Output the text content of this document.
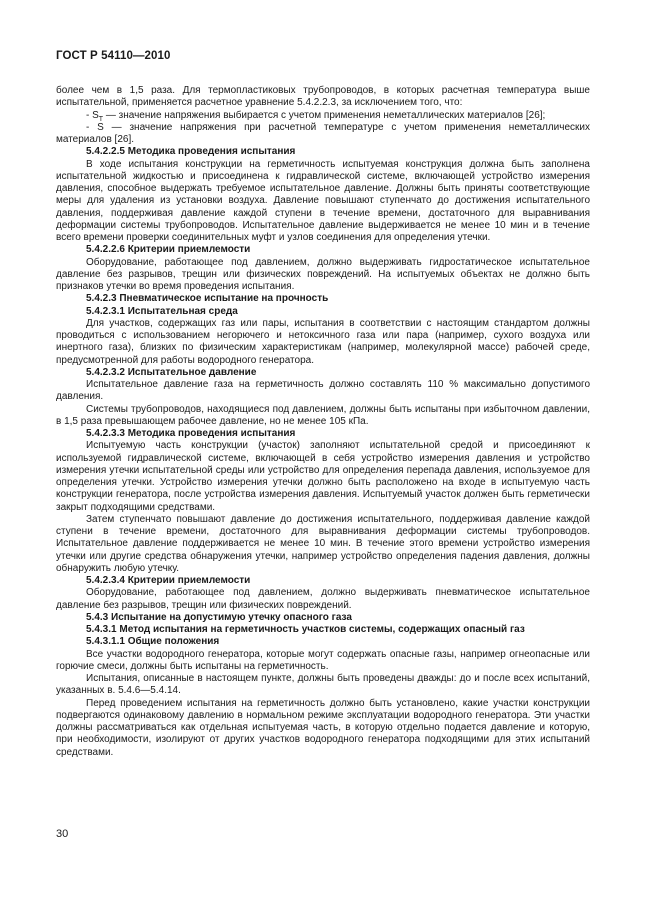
ГОСТ Р 54110—2010

более чем в 1,5 раза. Для термопластиковых трубопроводов, в которых расчетная температура выше испытательной, применяется расчетное уравнение 5.4.2.2.3, за исключением того, что:

- $S_T$ — значение напряжения выбирается с учетом применения неметаллических материалов [26];

- S — значение напряжения при расчетной температуре с учетом применения неметаллических материалов [26].

5.4.2.2.5 Методика проведения испытания

В ходе испытания конструкции на герметичность испытуемая конструкция должна быть заполнена испытательной жидкостью и присоединена к гидравлической системе, включающей устройство измерения давления, способное выдержать требуемое испытательное давление. Должны быть приняты соответствующие меры для удаления из установки воздуха. Давление повышают ступенчато до достижения испытательного давления, поддерживая давление каждой ступени в течение времени, достаточного для выравнивания деформации системы трубопроводов. Испытательное давление выдерживается не менее 10 мин и в течение всего времени проверки соединительных муфт и узлов соединения для определения утечки.

5.4.2.2.6 Критерии приемлемости

Оборудование, работающее под давлением, должно выдерживать гидростатическое испытательное давление без разрывов, трещин или физических повреждений. На испытуемых объектах не должно быть признаков утечки во время проведения испытания.

5.4.2.3 Пневматическое испытание на прочность

5.4.2.3.1 Испытательная среда

Для участков, содержащих газ или пары, испытания в соответствии с настоящим стандартом должны проводиться с использованием негорючего и нетоксичного газа или пара (например, сухого воздуха или инертного газа), близких по физическим характеристикам (например, молекулярной массе) рабочей среде, предусмотренной для работы водородного генератора.

5.4.2.3.2 Испытательное давление

Испытательное давление газа на герметичность должно составлять 110 % максимально допустимого давления.

Системы трубопроводов, находящиеся под давлением, должны быть испытаны при избыточном давлении, в 1,5 раза превышающем рабочее давление, но не менее 105 кПа.

5.4.2.3.3 Методика проведения испытания

Испытуемую часть конструкции (участок) заполняют испытательной средой и присоединяют к используемой гидравлической системе, включающей в себя устройство измерения давления и устройство измерения утечки испытательной среды или устройство для определения перепада давления, используемое для определения утечки. Устройство измерения утечки должно быть расположено на входе в испытуемую часть конструкции генератора, после устройства измерения давления. Испытуемый участок должен быть герметически закрыт подходящими средствами.

Затем ступенчато повышают давление до достижения испытательного, поддерживая давление каждой ступени в течение времени, достаточного для выравнивания деформации системы трубопроводов. Испытательное давление поддерживается не менее 10 мин. В течение этого времени устройство измерения утечки или другие средства обнаружения утечки, например устройство определения падения давления, должны обнаружить любую утечку.

5.4.2.3.4 Критерии приемлемости

Оборудование, работающее под давлением, должно выдерживать пневматическое испытательное давление без разрывов, трещин или физических повреждений.

5.4.3 Испытание на допустимую утечку опасного газа

5.4.3.1 Метод испытания на герметичность участков системы, содержащих опасный газ

5.4.3.1.1 Общие положения

Все участки водородного генератора, которые могут содержать опасные газы, например огнеопасные или горючие смеси, должны быть испытаны на герметичность.

Испытания, описанные в настоящем пункте, должны быть проведены дважды: до и после всех испытаний, указанных в. 5.4.6—5.4.14.

Перед проведением испытания на герметичность должно быть установлено, какие участки конструкции подвергаются одинаковому давлению в нормальном режиме эксплуатации водородного генератора. Эти участки должны рассматриваться как отдельная испытуемая часть, в которую отдельно подается давление и которую, при необходимости, изолируют от других участков водородного генератора подходящими для этих испытаний средствами.

30
